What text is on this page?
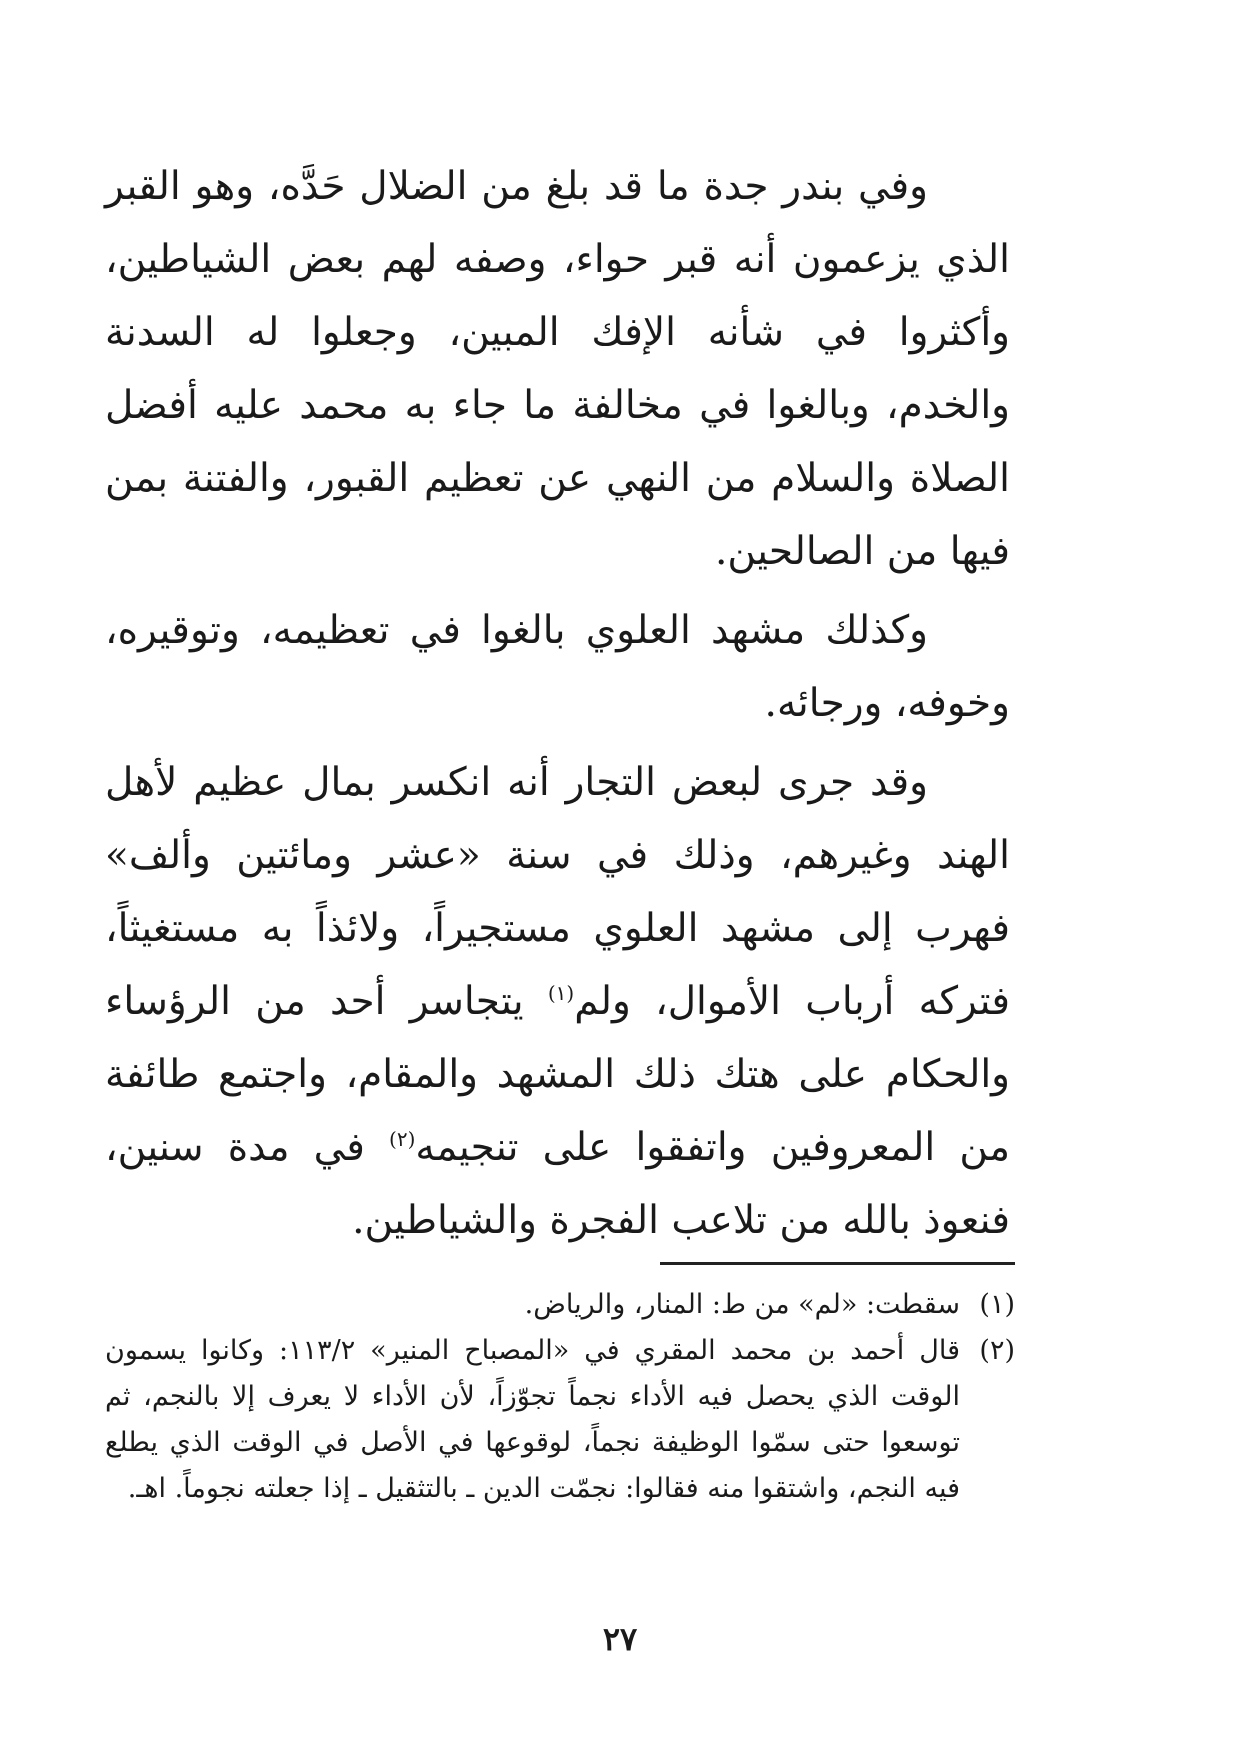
وفي بندر جدة ما قد بلغ من الضلال حَدَّه، وهو القبر الذي يزعمون أنه قبر حواء، وصفه لهم بعض الشياطين، وأكثروا في شأنه الإفك المبين، وجعلوا له السدنة والخدم، وبالغوا في مخالفة ما جاء به محمد عليه أفضل الصلاة والسلام من النهي عن تعظيم القبور، والفتنة بمن فيها من الصالحين.

وكذلك مشهد العلوي بالغوا في تعظيمه، وتوقيره، وخوفه، ورجائه.

وقد جرى لبعض التجار أنه انكسر بمال عظيم لأهل الهند وغيرهم، وذلك في سنة «عشر ومائتين وألف» فهرب إلى مشهد العلوي مستجيراً، ولائذاً به مستغيثاً، فتركه أرباب الأموال، ولم$^{(١)}$ يتجاسر أحد من الرؤساء والحكام على هتك ذلك المشهد والمقام، واجتمع طائفة من المعروفين واتفقوا على تنجيمه$^{(٢)}$ في مدة سنين، فنعوذ بالله من تلاعب الفجرة والشياطين.

(١)
سقطت: «لم» من ط: المنار، والرياض.
(٢)
قال أحمد بن محمد المقري في «المصباح المنير» ١١٣/٢: وكانوا يسمون الوقت الذي يحصل فيه الأداء نجماً تجوّزاً، لأن الأداء لا يعرف إلا بالنجم، ثم توسعوا حتى سمّوا الوظيفة نجماً، لوقوعها في الأصل في الوقت الذي يطلع فيه النجم، واشتقوا منه فقالوا: نجمّت الدين ـ بالتثقيل ـ إذا جعلته نجوماً. اهـ.
٢٧
